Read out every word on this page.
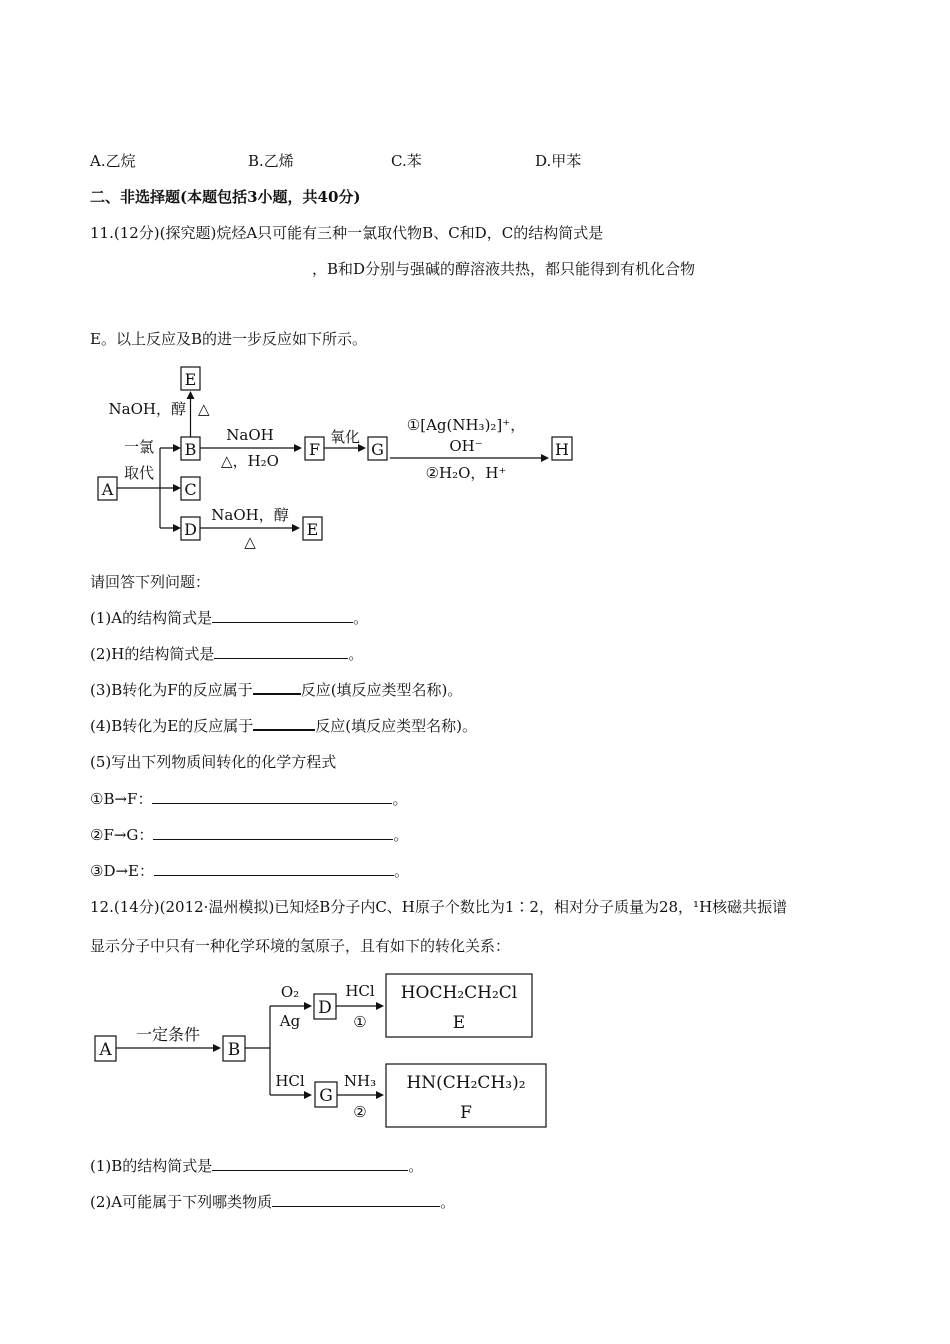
A.乙烷	B.乙烯	C.苯	D.甲苯
二、非选择题(本题包括3小题，共40分)
11.(12分)(探究题)烷烃A只可能有三种一氯取代物B、C和D，C的结构简式是
，B和D分别与强碱的醇溶液共热，都只能得到有机化合物
E。以上反应及B的进一步反应如下所示。
E
NaOH，醇 △
B
C
D
A
一氯
取代
NaOH
△，H₂O
F
氧化
G
①[Ag(NH₃)₂]⁺，
OH⁻
②H₂O，H⁺
H
NaOH，醇
△
E
请回答下列问题：
(1)A的结构简式是	。
(2)H的结构简式是	。
(3)B转化为F的反应属于	反应(填反应类型名称)。
(4)B转化为E的反应属于	反应(填反应类型名称)。
(5)写出下列物质间转化的化学方程式
①B→F：	。
②F→G：	。
③D→E：	。
12.(14分)(2012·温州模拟)已知烃B分子内C、H原子个数比为1∶2，相对分子质量为28，¹H核磁共振谱
显示分子中只有一种化学环境的氢原子，且有如下的转化关系：
A
一定条件
B
O₂
Ag
D
HCl
①
HOCH₂CH₂Cl
E
HCl
G
NH₃
②
HN(CH₂CH₃)₂
F
(1)B的结构简式是	。
(2)A可能属于下列哪类物质	。
